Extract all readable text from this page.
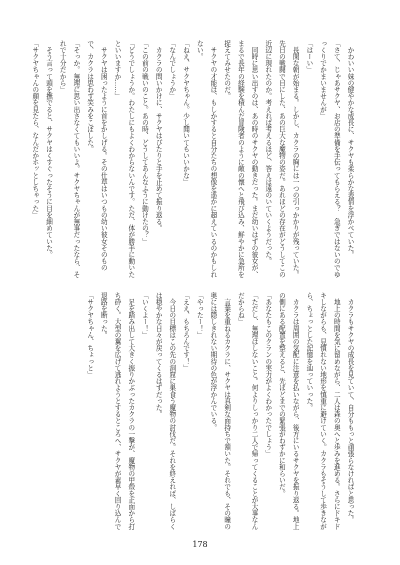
　かわいい妹の健やかな成長に、サクヤも柔らかな表情を浮かべていた。

「さて、じゃあサクヤ、お店の準備を手伝ってもらえる？　急ぎではないのでゆっくりでかまいませんが」

「はーい」

　長閑な朝が始まる。しかし、カクラの胸には一つの引っかかりが残っていた。先日の戦闘で目にした、あの巨大な魔物の姿だ。あれほどの存在がどうしてこの近辺に現れたのか。考えれば考えるほど、答えは遠のいていくようだった。

　同時に思い出すのは、あの時のサクヤの動きだった。まだ幼いはずの彼女が、まるで長年の経験を積んだ冒険者のように敵の懐へと飛び込み、鮮やかに急所を捉えてみせたのだ。

　サクヤの才能は、もしかすると自分たちの想像を遥かに超えているのかもしれない。

「ねえ、サクヤちゃん。少し聞いてもいいかな」

「なんでしょうか」

　カクラの問いかけに、サクヤはぴたりと手を止めて振り返る。

「この前の戦いのこと。あの時、どうしてあんなふうに動けたの？」

「どうでしょうか。わたしにもよくわからないんです。ただ、体が勝手に動いたといいますか……」

　サクヤは困ったように首をかしげる。その仕草はいつもの幼い彼女そのもので、カクラは思わず笑みをこぼした。

「そっか。無理に思い出さなくてもいいよ。サクヤちゃんが無事だったなら、それで十分だから」

　そう言って頭を撫でると、サクヤはくすぐったそうに目を細めていた。

「サクヤちゃんの顔を見たら、なんだかホッとしちゃった」

　カクラもサクヤの成長を見ていて、自分ももっと頑張らなければと思った。

　地上の時間を気に留めながら、二人は森の奥へと歩みを進める。さらにドキドキしながらも、見慣れない地形を慎重に避けていく。カクラもそうして歩きながら、ちょっとした記憶を辿っていった。

　カクラは周囲の気配に注意を払いながら、後方にいるサクヤを振り返る。地上の側にある配置を整えると、先ほどまでの緊張がわずかに和らいだ。

「あなたもこのクランの実力がよくわかったでしょう」

「ただし、無理はしないこと。何よりしっかり二人で帰ってくることが大事なんだからね」

　言葉を重ねるカクラに、サクヤは真剣な面持ちで頷いた。それでも、その瞳の奥には隠しきれない期待の色が浮かんでいる。

「やったー！」

「ええ、もちろんです！」

　今日の目標はこの先の洞窟に巣食う魔物の討伐だ。それを終えれば、しばらくは穏やかな日々が戻ってくるはずだった。

「いくよー！」

　足を踏み出して大きく振りかぶったカクラの一撃が、魔物の甲殻を正面から打ち砕く。大型の翼を広げて逃れようとするところへ、サクヤが素早く回り込んで退路を断った。

「サクヤちゃん、ちょっと」

178
